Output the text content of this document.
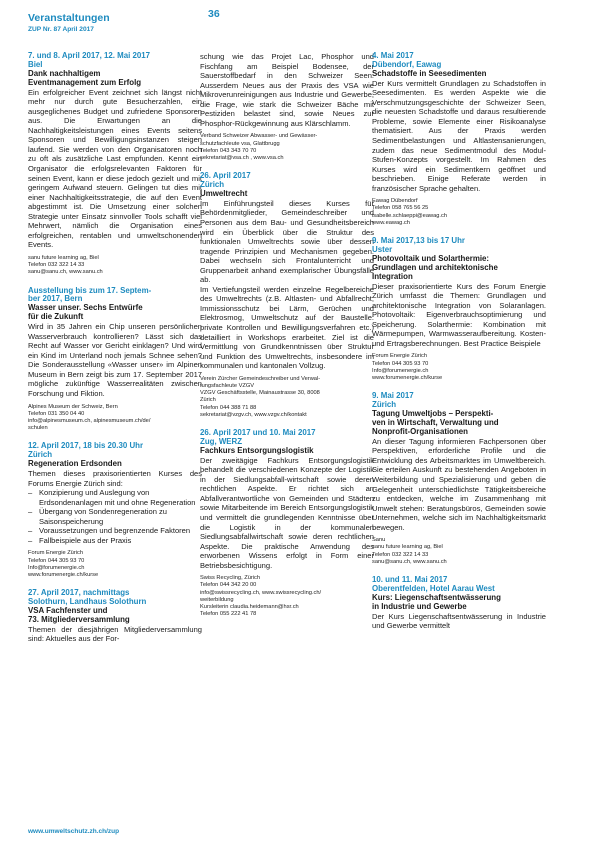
Veranstaltungen	36
ZUP Nr. 87 April 2017
7. und 8. April 2017, 12. Mai 2017
Biel
Dank nachhaltigem
Eventmanagement zum Erfolg

Ein erfolgreicher Event zeichnet sich längst nicht mehr nur durch gute Besucherzahlen, ein ausgeglichenes Budget und zufriedene Sponsoren aus. Die Erwartungen an die Nachhaltigkeitsleistungen eines Events seitens Sponsoren und Bewilligungsinstanzen steigen laufend. Sie werden von den Organisatoren noch zu oft als zusätzliche Last empfunden. Kennt ein Organisator die erfolgsrelevanten Faktoren für seinen Event, kann er diese jedoch gezielt und mit geringem Aufwand steuern. Gelingen tut dies mit einer Nachhaltigkeitsstrategie, die auf den Event abgestimmt ist. Die Umsetzung einer solchen Strategie unter Einsatz sinnvoller Tools schafft viel Mehrwert, nämlich die Organisation eines erfolgreichen, rentablen und umweltschonenden Events.

sanu future learning ag, Biel
Telefon 032 322 14 33
sanu@sanu.ch, www.sanu.ch
Ausstellung bis zum 17. Septem-
ber 2017, Bern
Wasser unser. Sechs Entwürfe
für die Zukunft

Wird in 35 Jahren ein Chip unseren persönlichen Wasserverbrauch kontrollieren? Lässt sich das Recht auf Wasser vor Gericht einklagen? Und wird ein Kind im Unterland noch jemals Schnee sehen? Die Sonderausstellung «Wasser unser» im Alpinen Museum in Bern zeigt bis zum 17. September 2017 mögliche zukünftige Wasserrealitäten zwischen Forschung und Fiktion.

Alpines Museum der Schweiz, Bern
Telefon 031 350 04 40
info@alpinesmuseum.ch, alpinesmuseum.ch/de/
schulen
12. April 2017, 18 bis 20.30 Uhr
Zürich
Regeneration Erdsonden

Themen dieses praxisorientierten Kurses des Forums Energie Zürich sind:

– Konzipierung und Auslegung von Erdsondenanlagen mit und ohne Regeneration
– Übergang von Sondenregeneration zu Saisonspeicherung
– Voraussetzungen und begrenzende Faktoren
– Fallbeispiele aus der Praxis
Forum Energie Zürich
Telefon 044 305 93 70
Info@forumenergie.ch
www.forumenergie.ch/kurse
27. April 2017, nachmittags
Solothurn, Landhaus Solothurn
VSA Fachfenster und
73. Mitgliederversammlung

Themen der diesjährigen Mitgliederversammlung sind: Aktuelles aus der For-

schung wie das Projet Lac, Phosphor und Fischfang am Beispiel Bodensee, der Sauerstoffbedarf in den Schweizer Seen. Ausserdem Neues aus der Praxis des VSA wie Mikroverunreinigungen aus Industrie und Gewerbe, die Frage, wie stark die Schweizer Bäche mit Pestiziden belastet sind, sowie Neues zur Phosphor-Rückgewinnung aus Klärschlamm.

Verband Schweizer Abwasser- und Gewässer-
schutzfachleute vsa, Glattbrugg
Telefon 043 343 70 70
sekretariat@vsa.ch , www.vsa.ch
26. April 2017
Zürich
Umweltrecht

Im Einführungsteil dieses Kurses für Behördenmitglieder, Gemeindeschreiber und Personen aus dem Bau- und Gesundheitsbereich wird ein Überblick über die Struktur des funktionalen Umweltrechts sowie über dessen tragende Prinzipien und Mechanismen gegeben. Dabei wechseln sich Frontalunterricht und Gruppenarbeit anhand exemplarischer Übungsfälle ab.

Im Vertiefungsteil werden einzelne Regelbereiche des Umweltrechts (z.B. Altlasten- und Abfallrecht, Immissionsschutz bei Lärm, Gerüchen und Elektrosmog, Umweltschutz auf der Baustelle: private Kontrollen und Bewilligungsverfahren etc.) detailliert in Workshops erarbeitet. Ziel ist die Vermittlung von Grundkenntnissen über Struktur und Funktion des Umweltrechts, insbesondere im kommunalen und kantonalen Vollzug.

Verein Zürcher Gemeindeschreiber und Verwal-
tungsfachleute VZGV
VZGV Geschäftsstelle, Mainaustrasse 30, 8008
Zürich
Telefon 044 388 71 88
sekretariat@vzgv.ch, www.vzgv.ch/kontakt
26. April 2017 und 10. Mai 2017
Zug, WERZ
Fachkurs Entsorgungslogistik

Der zweitägige Fachkurs Entsorgungslogistik behandelt die verschiedenen Konzepte der Logistik in der Siedlungsabfall-wirtschaft sowie deren rechtlichen Aspekte. Er richtet sich an Abfallverantwortliche von Gemeinden und Städten sowie Mitarbeitende im Bereich Entsorgungslogistik und vermittelt die grundlegenden Kenntnisse über die Logistik in der kommunalen Siedlungsabfallwirtschaft sowie deren rechtlichen Aspekte. Die praktische Anwendung des erworbenen Wissens erfolgt in Form einer Betriebsbesichtigung.

Swiss Recycling, Zürich
Telefon 044 342 20 00
info@swissrecycling.ch, www.swissrecycling.ch/
weiterbildung
Kursleiterin claudia.heidemann@hsr.ch
Telefon 055 222 41 78
4. Mai 2017
Dübendorf, Eawag
Schadstoffe in Seesedimenten

Der Kurs vermittelt Grundlagen zu Schadstoffen in Seesedimenten. Es werden Aspekte wie die Verschmutzungsgeschichte der Schweizer Seen, die neuesten Schadstoffe und daraus resultierende Probleme, sowie Elemente einer Risikoanalyse thematisiert. Aus der Praxis werden Sedimentbelastungen und Altlastensanierungen, zudem das neue Sedimentmodul des Modul-Stufen-Konzepts vorgestellt. Im Rahmen des Kurses wird ein Sedimentkern geöffnet und beschrieben. Einige Referate werden in französischer Sprache gehalten.

Eawag Dübendorf
Telefon 058 765 56 25
isabelle.schlaeppi@eawag.ch
www.eawag.ch
9. Mai 2017,13 bis 17 Uhr
Uster
Photovoltaik und Solarthermie:
Grundlagen und architektonische
Integration

Dieser praxisorientierte Kurs des Forum Energie Zürich umfasst die Themen: Grundlagen und architektonische Integration von Solaranlagen. Photovoltaik: Eigenverbrauchsoptimierung und Speicherung. Solarthermie: Kombination mit Wärmepumpen, Warmwasseraufbereitung. Kosten- und Ertragsberechnungen. Best Practice Beispiele

Forum Energie Zürich
Telefon 044 305 93 70
Info@forumenergie.ch
www.forumenergie.ch/kurse
9. Mai 2017
Zürich
Tagung Umweltjobs – Perspekti-
ven in Wirtschaft, Verwaltung und
Nonprofit-Organisationen

An dieser Tagung informieren Fachpersonen über Perspektiven, erforderliche Profile und die Entwicklung des Arbeitsmarktes im Umweltbereich. Sie erteilen Auskunft zu bestehenden Angeboten in Weiterbildung und Spezialisierung und geben die Gelegenheit unterschiedlichste Tätigkeitsbereiche zu entdecken, welche im Zusammenhang mit Umwelt stehen: Beratungsbüros, Gemeinden sowie Unternehmen, welche sich im Nachhaltigkeitsmarkt bewegen.

Sanu
sanu future learning ag, Biel
Telefon 032 322 14 33
sanu@sanu.ch, www.sanu.ch
10. und 11. Mai 2017
Oberentfelden, Hotel Aarau West
Kurs: Liegenschaftsentwässerung
in Industrie und Gewerbe

Der Kurs Liegenschaftsentwässerung in Industrie und Gewerbe vermittelt

www.umweltschutz.zh.ch/zup
